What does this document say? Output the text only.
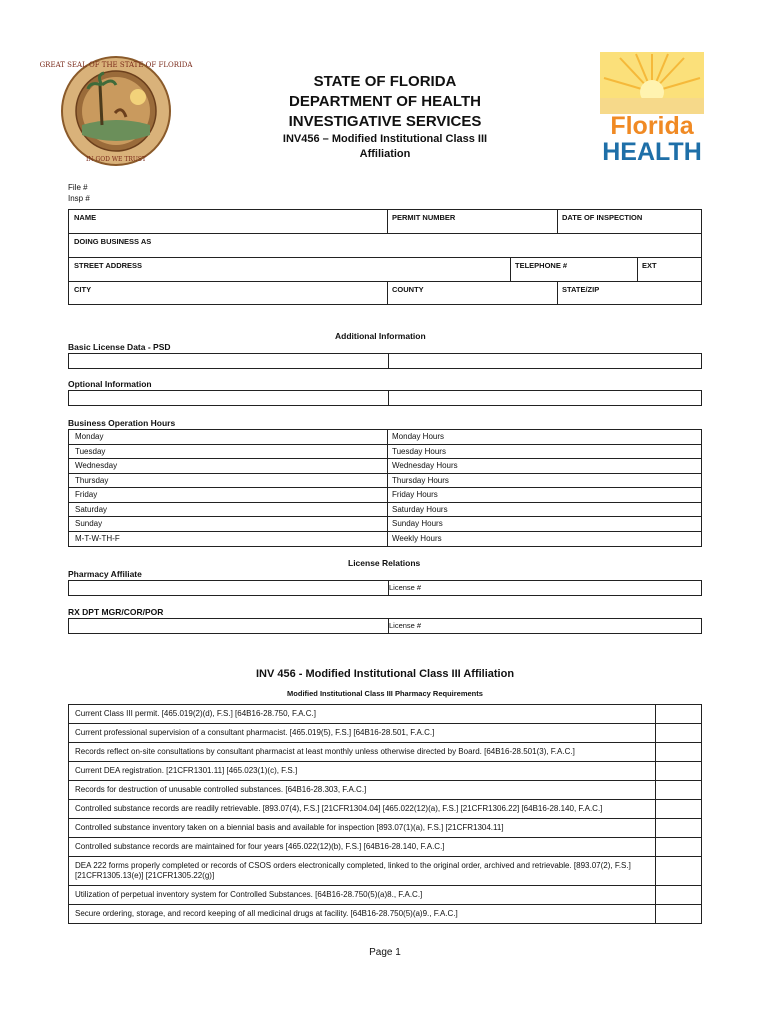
GREAT SEAL OF THE STATE OF FLORIDA
IN GOD WE TRUST
STATE OF FLORIDA
DEPARTMENT OF HEALTH
INVESTIGATIVE SERVICES
INV456 – Modified Institutional Class III
Affiliation
Florida
HEALTH
File #
Insp #
NAME	PERMIT NUMBER	DATE OF INSPECTION
DOING BUSINESS AS
STREET ADDRESS	TELEPHONE #	EXT
CITY	COUNTY	STATE/ZIP
Additional Information
Basic License Data - PSD
Optional Information
Business Operation Hours
Monday	Monday Hours
Tuesday	Tuesday Hours
Wednesday	Wednesday Hours
Thursday	Thursday Hours
Friday	Friday Hours
Saturday	Saturday Hours
Sunday	Sunday Hours
M-T-W-TH-F	Weekly Hours
License Relations
Pharmacy Affiliate
License #
RX DPT MGR/COR/POR
License #
INV 456 - Modified Institutional Class III Affiliation
Modified Institutional Class III Pharmacy Requirements
Current Class III permit. [465.019(2)(d), F.S.] [64B16-28.750, F.A.C.]
Current professional supervision of a consultant pharmacist. [465.019(5), F.S.] [64B16-28.501, F.A.C.]
Records reflect on-site consultations by consultant pharmacist at least monthly unless otherwise directed by Board. [64B16-28.501(3), F.A.C.]
Current DEA registration. [21CFR1301.11] [465.023(1)(c), F.S.]
Records for destruction of unusable controlled substances. [64B16-28.303, F.A.C.]
Controlled substance records are readily retrievable. [893.07(4), F.S.] [21CFR1304.04] [465.022(12)(a), F.S.] [21CFR1306.22] [64B16-28.140, F.A.C.]
Controlled substance inventory taken on a biennial basis and available for inspection [893.07(1)(a), F.S.] [21CFR1304.11]
Controlled substance records are maintained for four years [465.022(12)(b), F.S.] [64B16-28.140, F.A.C.]
DEA 222 forms properly completed or records of CSOS orders electronically completed, linked to the original order, archived and retrievable. [893.07(2), F.S.] [21CFR1305.13(e)] [21CFR1305.22(g)]
Utilization of perpetual inventory system for Controlled Substances. [64B16-28.750(5)(a)8., F.A.C.]
Secure ordering, storage, and record keeping of all medicinal drugs at facility. [64B16-28.750(5)(a)9., F.A.C.]
Page 1
